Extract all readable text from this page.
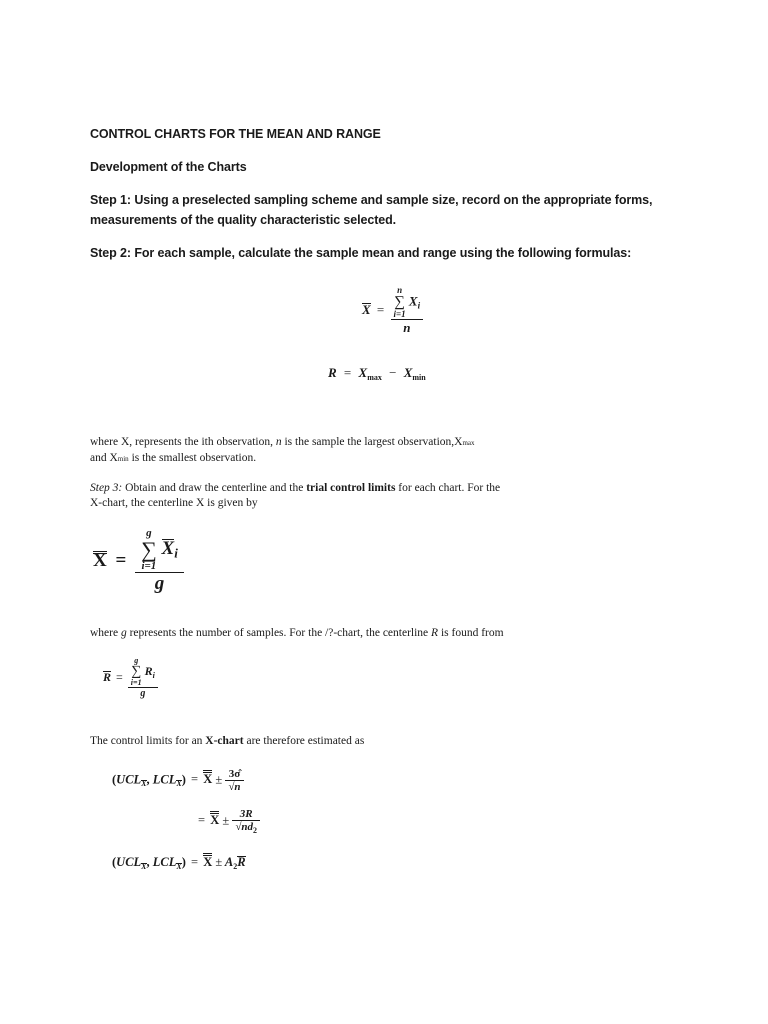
CONTROL CHARTS FOR THE MEAN AND RANGE
Development of the Charts
Step 1: Using a preselected sampling scheme and sample size, record on the appropriate forms,
measurements of the quality characteristic selected.
Step 2: For each sample, calculate the sample mean and range using the following formulas:
X = n
∑
i=1
$X_i$
n
$R = X_{max} - X_{min}$
where X, represents the ith observation, n is the sample the largest observation,Xmax
and Xmin is the smallest observation.
Step 3: Obtain and draw the centerline and the trial control limits for each chart. For the
X-chart, the centerline X is given by
X = g
∑
i=1
Xi
g
where g represents the number of samples. For the /?-chart, the centerline R is found from
R = g
∑
i=1
$R_i$
g
The control limits for an X-chart are therefore estimated as
(UCLX, LCLX) = $X \pm \frac{3\sigmâ}{√n}$
= $X \pm \frac{3R}{√nd_2}$
(UCLX, LCLX) = $X \pm A_2R$
